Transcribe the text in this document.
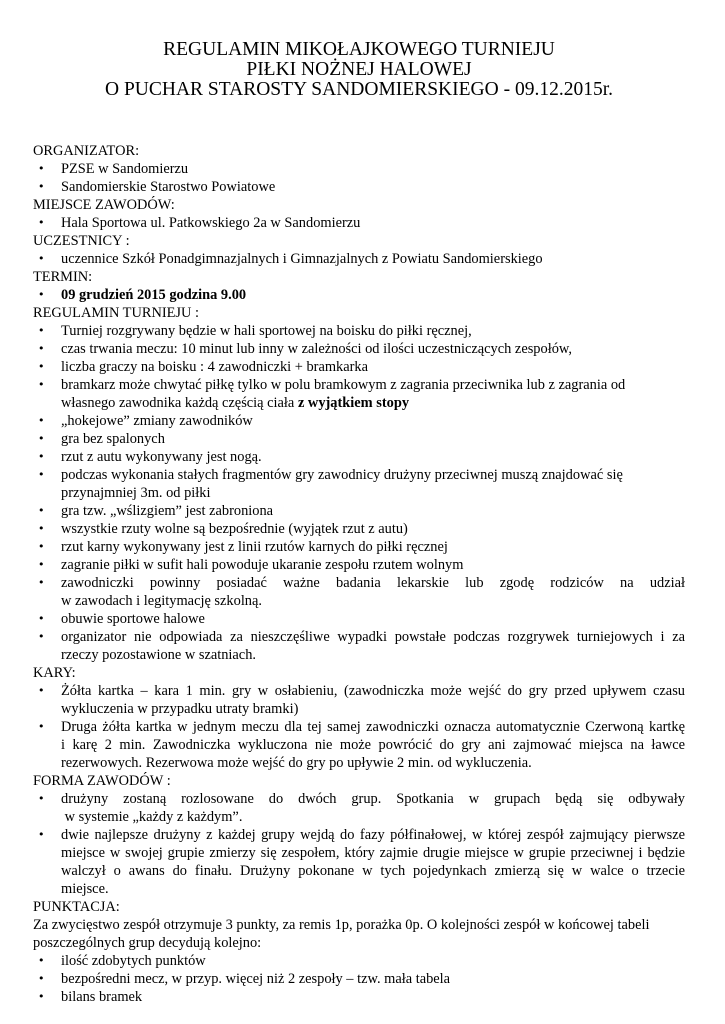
REGULAMIN MIKOŁAJKOWEGO TURNIEJU
PIŁKI NOŻNEJ HALOWEJ
O PUCHAR STAROSTY SANDOMIERSKIEGO - 09.12.2015r.
ORGANIZATOR:
• PZSE w Sandomierzu
• Sandomierskie Starostwo Powiatowe
MIEJSCE ZAWODÓW:
• Hala Sportowa ul. Patkowskiego 2a w Sandomierzu
UCZESTNICY :
• uczennice Szkół Ponadgimnazjalnych i Gimnazjalnych z Powiatu Sandomierskiego
TERMIN:
• 09 grudzień 2015 godzina 9.00
REGULAMIN TURNIEJU :
• Turniej rozgrywany będzie w hali sportowej na boisku do piłki ręcznej,
• czas trwania meczu: 10 minut lub inny w zależności od ilości uczestniczących zespołów,
• liczba graczy na boisku : 4 zawodniczki + bramkarka
• bramkarz może chwytać piłkę tylko w polu bramkowym z zagrania przeciwnika lub z zagrania od
własnego zawodnika każdą częścią ciała z wyjątkiem stopy
• „hokejowe” zmiany zawodników
• gra bez spalonych
• rzut z autu wykonywany jest nogą.
• podczas wykonania stałych fragmentów gry zawodnicy drużyny przeciwnej muszą znajdować się
przynajmniej 3m. od piłki
• gra tzw. „wślizgiem” jest zabroniona
• wszystkie rzuty wolne są bezpośrednie (wyjątek rzut z autu)
• rzut karny wykonywany jest z linii rzutów karnych do piłki ręcznej
• zagranie piłki w sufit hali powoduje ukaranie zespołu rzutem wolnym
• zawodniczki powinny posiadać ważne badania lekarskie lub zgodę rodziców na udział
w zawodach i legitymację szkolną.
• obuwie sportowe halowe
• organizator nie odpowiada za nieszczęśliwe wypadki powstałe podczas rozgrywek turniejowych i za
rzeczy pozostawione w szatniach.
KARY:
• Żółta kartka – kara 1 min. gry w osłabieniu, (zawodniczka może wejść do gry przed upływem czasu
wykluczenia w przypadku utraty bramki)
• Druga żółta kartka w jednym meczu dla tej samej zawodniczki oznacza automatycznie Czerwoną kartkę
i karę 2 min. Zawodniczka wykluczona nie może powrócić do gry ani zajmować miejsca na ławce
rezerwowych. Rezerwowa może wejść do gry po upływie 2 min. od wykluczenia.
FORMA ZAWODÓW :
• drużyny zostaną rozlosowane do dwóch grup. Spotkania w grupach będą się odbywały
w systemie „każdy z każdym”.
• dwie najlepsze drużyny z każdej grupy wejdą do fazy półfinałowej, w której zespół zajmujący pierwsze
miejsce w swojej grupie zmierzy się zespołem, który zajmie drugie miejsce w grupie przeciwnej i będzie
walczył o awans do finału. Drużyny pokonane w tych pojedynkach zmierzą się w walce o trzecie
miejsce.
PUNKTACJA:
Za zwycięstwo zespół otrzymuje 3 punkty, za remis 1p, porażka 0p. O kolejności zespół w końcowej tabeli
poszczególnych grup decydują kolejno:
• ilość zdobytych punktów
• bezpośredni mecz, w przyp. więcej niż 2 zespoły – tzw. mała tabela
• bilans bramek
